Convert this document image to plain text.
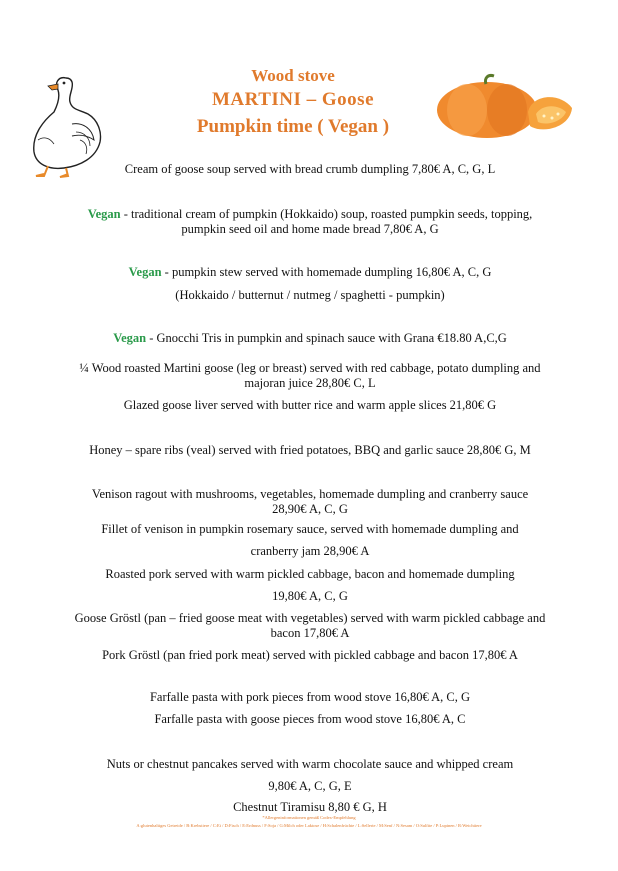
Wood stove
MARTINI – Goose
Pumpkin time ( Vegan )
Cream of goose soup served with bread crumb dumpling 7,80€ A, C, G, L
Vegan - traditional cream of pumpkin (Hokkaido) soup, roasted pumpkin seeds, topping,
pumpkin seed oil and home made bread 7,80€ A, G
Vegan - pumpkin stew served with homemade dumpling 16,80€ A, C, G
(Hokkaido / butternut / nutmeg / spaghetti - pumpkin)
Vegan - Gnocchi Tris in pumpkin and spinach sauce with Grana €18.80 A,C,G
¼ Wood roasted Martini goose (leg or breast) served with red cabbage, potato dumpling and
majoran juice 28,80€ C, L
Glazed goose liver served with butter rice and warm apple slices 21,80€ G
Honey – spare ribs (veal) served with fried potatoes, BBQ and garlic sauce 28,80€ G, M
Venison ragout with mushrooms, vegetables, homemade dumpling and cranberry sauce
28,90€ A, C, G
Fillet of venison in pumpkin rosemary sauce, served with homemade dumpling and
cranberry jam 28,90€ A
Roasted pork served with warm pickled cabbage, bacon and homemade dumpling
19,80€ A, C, G
Goose Gröstl (pan – fried goose meat with vegetables) served with warm pickled cabbage and
bacon 17,80€ A
Pork Gröstl (pan fried pork meat) served with pickled cabbage and bacon 17,80€ A
Farfalle pasta with pork pieces from wood stove 16,80€ A, C, G
Farfalle pasta with goose pieces from wood stove 16,80€ A, C
Nuts or chestnut pancakes served with warm chocolate sauce and whipped cream
9,80€ A, C, G, E
Chestnut Tiramisu 8,80 € G, H
*Allergeninformationen gemäß Codex-Empfehlung
A:glutenhaltiges Getreide / B:Krebstiere / C:Ei / D:Fisch / E:Erdnuss / F:Soja / G:Milch oder Laktose / H:Schalenfrüchte / L:Sellerie / M:Senf / N:Sesam / O:Sulfite / P:Lupinen / R:Weichtiere
